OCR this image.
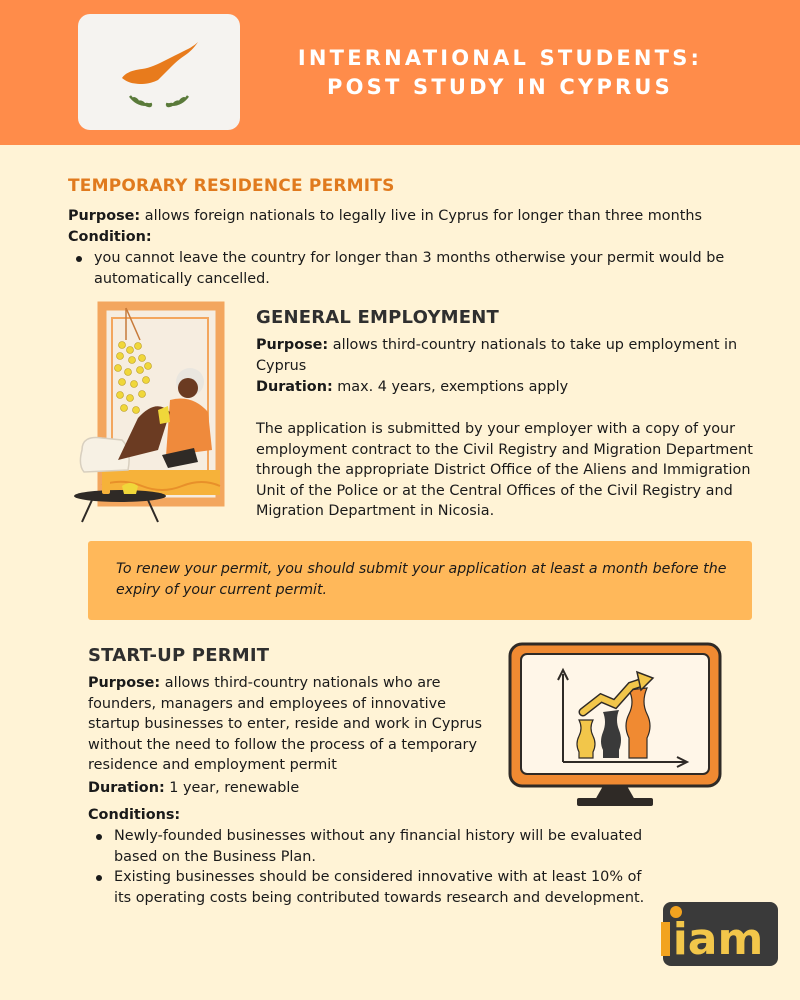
INTERNATIONAL STUDENTS:
POST STUDY IN CYPRUS
TEMPORARY RESIDENCE PERMITS
Purpose: allows foreign nationals to legally live in Cyprus for longer than three months
Condition:
you cannot leave the country for longer than 3 months otherwise your permit would be automatically cancelled.
GENERAL EMPLOYMENT
Purpose: allows third-country nationals to take up employment in Cyprus
Duration: max. 4 years, exemptions apply
The application is submitted by your employer with a copy of your employment contract to the Civil Registry and Migration Department through the appropriate District Office of the Aliens and Immigration Unit of the Police or at the Central Offices of the Civil Registry and Migration Department in Nicosia.
To renew your permit, you should submit your application at least a month before the expiry of your current permit.
START-UP PERMIT
Purpose: allows third-country nationals who are founders, managers and employees of innovative startup businesses to enter, reside and work in Cyprus without the need to follow the process of a temporary residence and employment permit
Duration: 1 year, renewable
Conditions:
Newly-founded businesses without any financial history will be evaluated based on the Business Plan.
Existing businesses should be considered innovative with at least 10% of its operating costs being contributed towards research and development.
iam
